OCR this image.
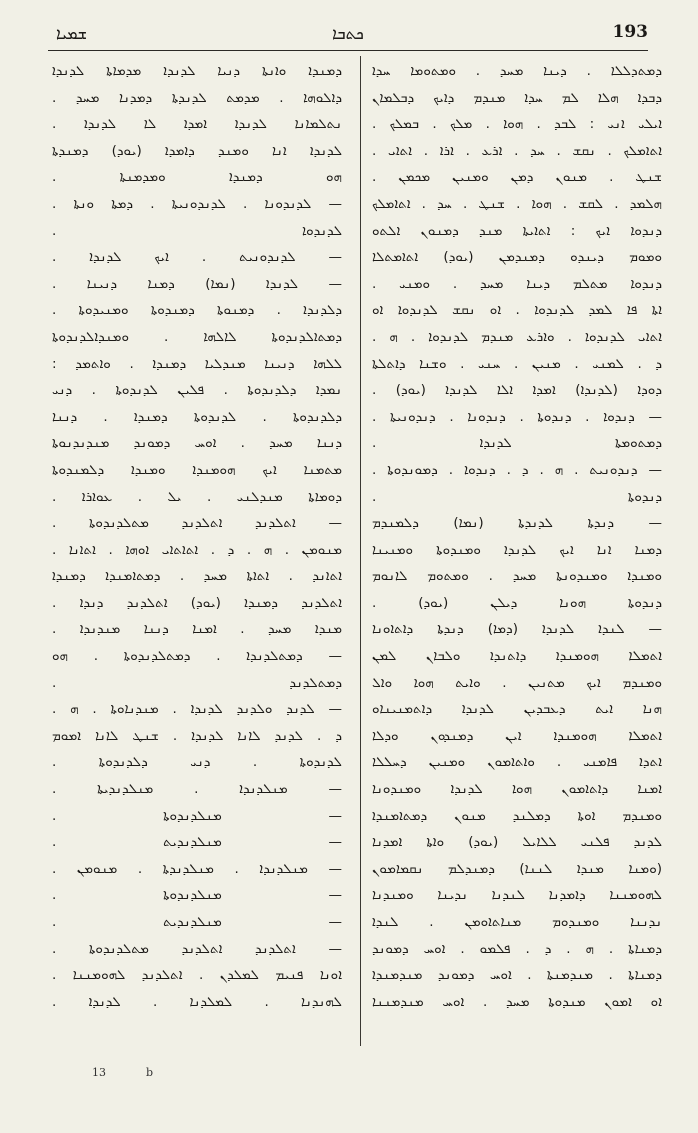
ܫܡܝܐ	ܟܬܒܐ	193
ܕܡܬܕܠܠܐ . ܕܝܢܐ ܡܚܕ . ܘܡܬܘܡܐ ܚܕܐ
ܕܒܕܐ ܗܠܐ ܠܡ ܚܕܐ ܡܢܕܡ ܕܐܝܟ ܕܒܠܡܐܢ
ܐܝܠܝ ܐܢܝ : ܠܒܕ . ܗܘܐ . ܡܠܟ . ܒܡܠܟ .
ܐܬܐܡܠܟ . ܢܩܫ . ܚܕ . ܐܪܥ . ܐܪܐ . ܐܬܐܝ .
ܫܢܛ . ܡܢܘܢ ܕܡܢ ܘܡܢܝܢ ܡܟܡܢ .
ܗܠܡܕ . ܠܩܫ . ܗܘܐ . ܫܢܛ . ܚܕ . ܐܬܐܡܠܟ
ܕܢܕܘܐ ܐܝܟ : ܐܬܐܝܬܐ ܡܢܕ ܕܡܢܘܢ ܐܠܬܘ
ܘܡܘܡ ܕܝܢܕܘ ܕܡܢܕܡܢ (ܝܘܕ) ܐܬܐܡܬܠܐ
ܕܢܕܘܐ ܡܬܠܡ ܕܝܢܐ ܡܚܕ . ܘܡܢܝ .
ܐܬܐ ܦܐ ܠܡܕ ܠܕܢܕܘܐ . ܐܘ ܢܩܫ ܠܕܢܕܘܐ ܐܘ
ܐܬܐܝ ܠܕܢܕܘܐ . ܘܐܪܥ ܡܢܕܡ ܠܕܢܕܘܐ . ܗ .
ܕ . ܠܡܢܝ . ܡܢܝܢ . ܚܢܝ . ܘܫܢܐ ܕܐܬܠܬܐ
ܕܘܕܐ (ܠܕܢܕܐ) ܐܡܕܐ ܐܠܐ ܠܕܢܕܐ (ܝܘܕ) .
— ܕܢܕܘܐ . ܕܢܕܘܬܐ . ܕܢܕܘܢܐ . ܕܢܕܘܢܝܬܐ .
ܕܡܬܘܡܬܐ ܠܕܢܕܐ .
— ܕܢܕܘܢܝܬ . ܗ . ܕ . ܕܢܕܘܐ . ܕܡܘܢܕܘܬܐ .
ܕܢܕܘܬܐ .
— ܕܢܕܬܐ ܠܕܢܕܬܐ (ܢܡܐ) ܕܠܡܢܕܡ
ܕܡܢܐ ܐܢܐ ܐܝܟ ܠܕܢܕܐ ܘܡܢܕܘܬܐ ܘܡܢܝܢܐ
ܘܡܢܕܐ ܘܡܢܕܘܢܬܐ ܡܚܕ . ܘܡܬܘܡ ܠܐܢܘܡ
ܕܢܕܘܬܐ ܗܘܢܐ ܕܝܠܢ (ܝܘܕ) .
— ܠܢܕܐ ܠܕܢܕܐ (ܕܡܐ) ܕܢܕܬܐ ܕܐܬܐܘܢܐ
ܐܬܡܠܐ ܗܘܡܢܕܐ ܕܐܬܢܕܐ ܘܠܒܐܢ ܠܡܢ
ܘܡܢܕܡ ܐܝܟ ܡܬܢܝܢ . ܘܐܝܬ ܗܘܐ ܘܐܠ
ܗܢܐ ܐܝܬ ܕܥܒܕܝܢ ܠܕܢܕܐ ܕܐܬܡܢܝܢܐܘ
ܐܬܡܠܐ ܗܘܡܢܕܐ ܐܝܢ ܕܡܢܕܘܢ ܘܕܠܐ
ܐܬܕܐ ܦܐܡܢܝ . ܘܐܬܐܡܘܢ ܘܡܢܝܢ ܕܚܠܠܐ
ܐܡܢܐ ܕܐܬܐܡܘܢ ܗܘܐ ܠܕܢܕܐ ܘܡܢܕܘܢܐ
ܘܡܢܕܡ ܐܘܬܐ ܕܡܠܢܕ ܡܢܘܢ ܕܡܬܐܡܢܕܐ
ܠܕܢܕ ܦܠܢܝ ܠܠܐܝܠ (ܝܘܕ) ܘܐܬܐ ܐܡܕܢܐ
(ܘܡܢܐ ܡܢܕܐ ܠܢܢܐ) ܕܡܢܕܠܡ ܢܩܡܐܡܘܢ
ܠܗܘܡܢܢܐ ܕܐܡܕܢܐ ܠܢܕܢܐ ܢܕܝܢܐ ܘܡܢܕܢܐ
ܢܕܢܢܐ ܘܡܢܕܘܡ ܡܢܐܬܐܘܡܢ . ܠܢܕܐ
ܕܡܢܐܬܐ . ܗ . ܕ . ܦܠܡܘ . ܐܘܚ ܕܡܘܢܕ
ܕܡܢܐܬܐ . ܡܢܕܡܢܬܐ . ܐܘܚ ܕܡܘܢܕ ܡܢܕܡܢܕܐ
ܐܘ ܐܡܘܢ ܡܢܕܘܬܐ ܡܚܕ . ܐܘܚ ܡܢܕܡܢܢܐ
ܕܡܢܕܐ ܘܐܢܬܐ ܕܢܝܐ ܠܕܢܕܐ ܡܕܡܐܬܐ ܠܕܢܕܐ
ܕܐܠܘܗܐ . ܡܕܡܬ ܠܕܢܕܬܐ ܕܡܕܢܐ ܡܚܕ .
ܢܬܠܡܐܢܐ ܠܕܢܕܐ ܐܡܕܐ ܠܐ ܠܕܢܕܐ .
ܠܕܢܕܐ ܐܢܐ ܘܡܢܕ ܕܐܡܕܐ (ܝܘܕ) ܕܡܢܕܬܐ
ܗܘ ܕܡܢܕܐ ܘܡܕܡܢܬܐ .
— ܠܕܢܕܘܢܐ . ܠܕܢܕܘܢܝܬܐ . ܕܡܬܐ ܘܢܬܐ .
ܠܕܢܕܘܐ .
— ܠܕܢܕܘܢܝܬ . ܐܝܟ ܠܕܢܕܐ .
— ܠܕܢܕܐ (ܢܡܐ) ܕܡܢܐ ܕܢܝܢܐ .
ܕܠܕܢܕܐ . ܕܡܢܘܬܐ ܕܡܢܕܘܬܐ ܘܡܢܝܕܘܬܐ .
ܕܡܬܐܠܕܢܕܘܬܐ ܠܐܠܗܐ . ܘܡܢܕܐܠܕܢܕܘܬܐ
ܠܠܗܐ ܕܢܝܢܐ ܡܢܕܠܝܐ ܕܡܢܕܐ . ܘܐܬܡܕ :
ܢܡܕܐ ܕܠܕܢܕܘܬܐ . ܦܠܝܢ ܠܕܢܕܘܬܐ . ܕܢܝ
ܕܠܕܢܕܘܬܐ . ܠܕܢܕܘܬܐ ܕܡܢܕܐ . ܕܢܢܐ
ܕܢܢܐ ܡܚܕ . ܐܘܚ ܕܡܘܢܕ ܡܢܕܢܕܢܘܬܐ
ܡܬܡܢܐ ܐܝܟ ܗܘܡܢܕܐ ܘܡܢܕܐ ܕܠܡܢܕܘܬܐ
ܕܘܡܐܬܐ ܡܢܕܠܢܝ . ܝܠ . ܥܘܐܪܐ .
— ܐܬܠܕܢܕ ܐܬܠܕܢܕ ܡܬܠܕܢܕܘܬܐ .
ܡܢܘܡܢ . ܗ . ܕ . ܐܬܐܬܐܝ ܐܘܗܐ . ܐܬܐܢܐ .
ܐܬܐܢܕ . ܐܬܐܬܐ ܡܚܕ . ܕܡܬܐܡܢܕܐ ܕܡܢܕܐ
ܐܬܠܕܢܕ ܕܡܢܕܐ (ܝܘܕ) ܐܬܠܕܢܕ ܕܢܕܐ .
ܡܢܕܐ ܡܚܕ . ܐܡܢܐ ܕܢܢܐ ܡܢܕܢܕܐ .
— ܕܡܬܠܕܢܕܐ . ܕܡܬܠܕܢܕܘܬܐ . ܗܘ
ܕܡܬܠܕܢܕ .
— ܠܕܢܕ ܘܠܕܢܕ ܠܕܢܕܐ . ܡܢܕܢܐܘܬܐ . ܗ .
ܕ . ܠܕܢܕ ܠܐܢܐ ܠܕܢܕܐ . ܫܢܛ ܠܐܢܐ ܐܡܘܡ
ܠܕܢܕܘܬܐ . ܕܢܝ ܕܠܕܢܕܘܬܐ .
— ܡܢܠܕܢܕܐ . ܡܢܠܕܢܕܝܬܐ .
— ܡܢܠܕܢܕܘܬܐ .
— ܡܢܠܕܢܕܝܬ .
— ܡܢܠܕܢܕܐ . ܡܢܠܕܢܕܬܐ . ܡܢܘܡܢ .
— ܡܢܠܕܢܕܘܬܐ .
— ܡܢܠܕܢܕܝܬ .
— ܐܬܠܕܢܕ ܐܬܠܕܢܕ ܡܬܠܕܢܕܘܬܐ .
ܐܘܢܐ ܦܢܝܡ ܠܡܠܕܢ . ܐܬܠܕܢܕ ܠܗܘܡܢܢܐ .
ܠܗܢܕܢܐ . ܠܡܠܕܢܐ . ܠܕܢܕܐ .
13	b
